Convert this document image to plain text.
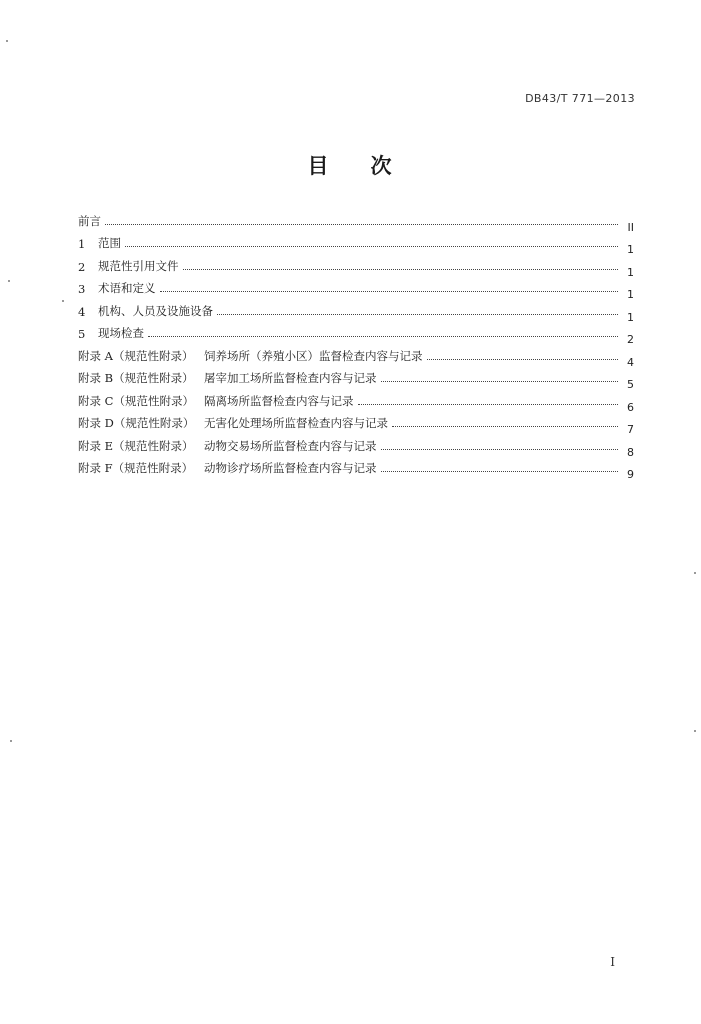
DB43/T 771—2013
目 次
前言	II
1	范围	1
2	规范性引用文件	1
3	术语和定义	1
4	机构、人员及设施设备	1
5	现场检查	2
附录 A（规范性附录） 饲养场所（养殖小区）监督检查内容与记录	4
附录 B（规范性附录） 屠宰加工场所监督检查内容与记录	5
附录 C（规范性附录） 隔离场所监督检查内容与记录	6
附录 D（规范性附录） 无害化处理场所监督检查内容与记录	7
附录 E（规范性附录） 动物交易场所监督检查内容与记录	8
附录 F（规范性附录） 动物诊疗场所监督检查内容与记录	9
I
